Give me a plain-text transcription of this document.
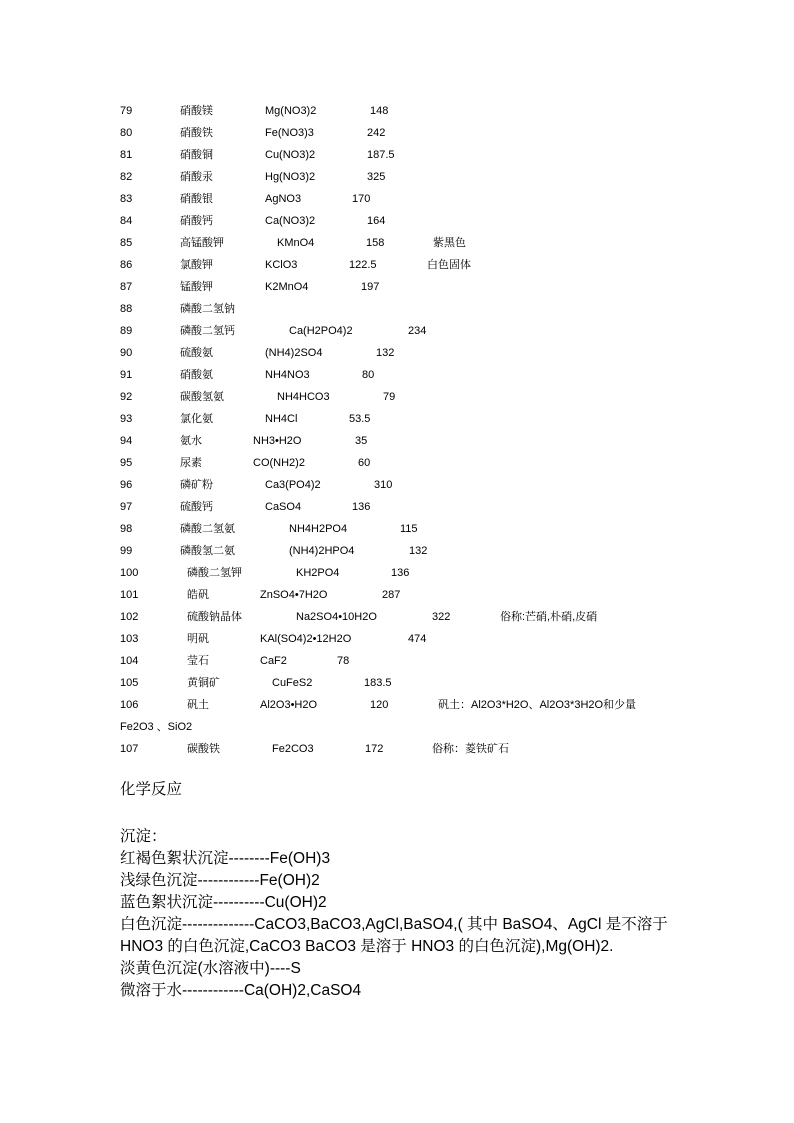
79	硝酸镁	Mg(NO3)2	148
80	硝酸铁	Fe(NO3)3	242
81	硝酸铜	Cu(NO3)2	187.5
82	硝酸汞	Hg(NO3)2	325
83	硝酸银	AgNO3	170
84	硝酸钙	Ca(NO3)2	164
85	高锰酸钾	KMnO4	158	紫黑色
86	氯酸钾	KClO3	122.5	白色固体
87	锰酸钾	K2MnO4	197
88	磷酸二氢钠
89	磷酸二氢钙	Ca(H2PO4)2	234
90	硫酸氨	(NH4)2SO4	132
91	硝酸氨	NH4NO3	80
92	碳酸氢氨	NH4HCO3	79
93	氯化氨	NH4Cl	53.5
94	氨水	NH3•H2O	35
95	尿素	CO(NH2)2	60
96	磷矿粉	Ca3(PO4)2	310
97	硫酸钙	CaSO4	136
98	磷酸二氢氨	NH4H2PO4	115
99	磷酸氢二氨	(NH4)2HPO4	132
100	磷酸二氢钾	KH2PO4	136
101	皓矾	ZnSO4•7H2O	287
102	硫酸钠晶体	Na2SO4•10H2O	322	俗称:芒硝,朴硝,皮硝
103	明矾	KAl(SO4)2•12H2O	474
104	莹石	CaF2	78
105	黄铜矿	CuFeS2	183.5
106	矾土	Al2O3•H2O	120	矾土：Al2O3*H2O、Al2O3*3H2O和少量
Fe2O3 、SiO2
107	碳酸铁	Fe2CO3	172	俗称：菱铁矿石
化学反应
沉淀：
红褐色絮状沉淀--------Fe(OH)3
浅绿色沉淀------------Fe(OH)2
蓝色絮状沉淀----------Cu(OH)2
白色沉淀--------------CaCO3,BaCO3,AgCl,BaSO4,( 其中 BaSO4、AgCl 是不溶于 HNO3 的白色沉淀,CaCO3 BaCO3 是溶于 HNO3 的白色沉淀),Mg(OH)2.
淡黄色沉淀(水溶液中)----S
微溶于水------------Ca(OH)2,CaSO4
